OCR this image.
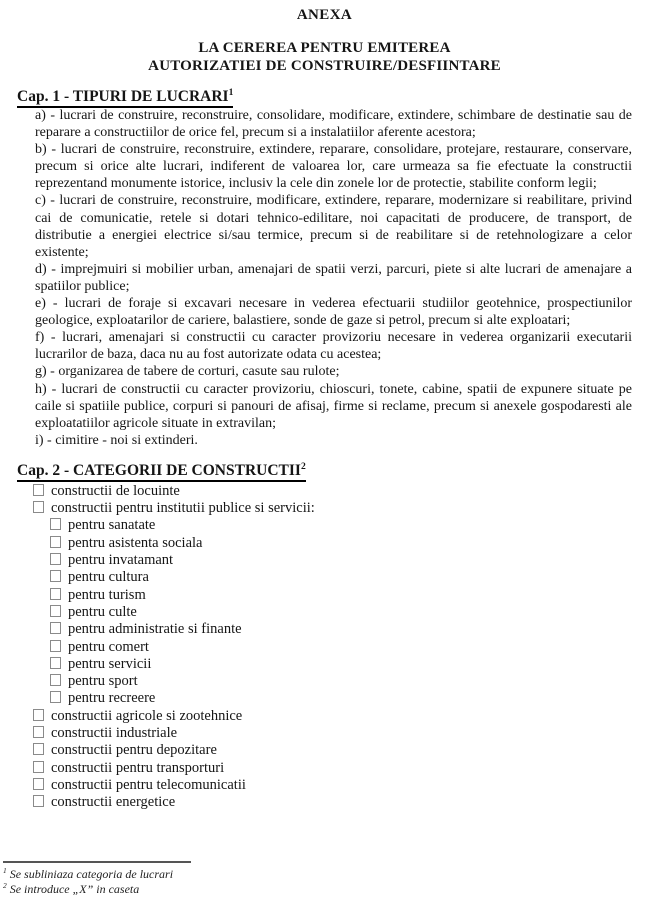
ANEXA
LA CEREREA PENTRU EMITEREA
AUTORIZATIEI DE CONSTRUIRE/DESFIINTARE
Cap. 1 - TIPURI DE LUCRARI$^1$

a) - lucrari de construire, reconstruire, consolidare, modificare, extindere, schimbare de destinatie sau de reparare a constructiilor de orice fel, precum si a instalatiilor aferente acestora;

b) - lucrari de construire, reconstruire, extindere, reparare, consolidare, protejare, restaurare, conservare, precum si orice alte lucrari, indiferent de valoarea lor, care urmeaza sa fie efectuate la constructii reprezentand monumente istorice, inclusiv la cele din zonele lor de protectie, stabilite conform legii;

c) - lucrari de construire, reconstruire, modificare, extindere, reparare, modernizare si reabilitare, privind cai de comunicatie, retele si dotari tehnico-edilitare, noi capacitati de producere, de transport, de distributie a energiei electrice si/sau termice, precum si de reabilitare si de retehnologizare a celor existente;

d) - imprejmuiri si mobilier urban, amenajari de spatii verzi, parcuri, piete si alte lucrari de amenajare a spatiilor publice;

e) - lucrari de foraje si excavari necesare in vederea efectuarii studiilor geotehnice, prospectiunilor geologice, exploatarilor de cariere, balastiere, sonde de gaze si petrol, precum si alte exploatari;

f) - lucrari, amenajari si constructii cu caracter provizoriu necesare in vederea organizarii executarii lucrarilor de baza, daca nu au fost autorizate odata cu acestea;

g) - organizarea de tabere de corturi, casute sau rulote;

h) - lucrari de constructii cu caracter provizoriu, chioscuri, tonete, cabine, spatii de expunere situate pe caile si spatiile publice, corpuri si panouri de afisaj, firme si reclame, precum si anexele gospodaresti ale exploatatiilor agricole situate in extravilan;

i) - cimitire - noi si extinderi.

Cap. 2 - CATEGORII DE CONSTRUCTII$^2$
constructii de locuinte
constructii pentru institutii publice si servicii:
pentru sanatate
pentru asistenta sociala
pentru invatamant
pentru cultura
pentru turism
pentru culte
pentru administratie si finante
pentru comert
pentru servicii
pentru sport
pentru recreere
constructii agricole si zootehnice
constructii industriale
constructii pentru depozitare
constructii pentru transporturi
constructii pentru telecomunicatii
constructii energetice
$^1$ Se subliniaza categoria de lucrari
$^2$ Se introduce „X” in caseta
